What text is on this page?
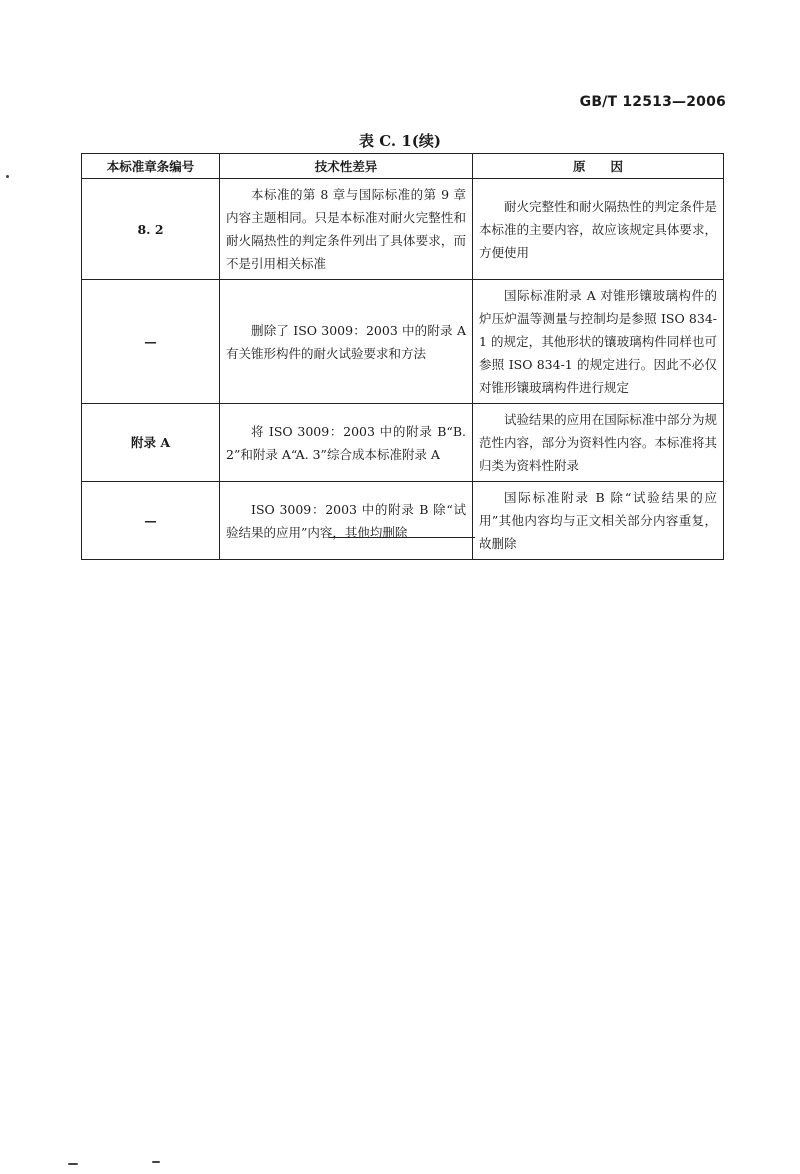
GB/T 12513—2006
表 C. 1(续)
本标准章条编号	技术性差异	原　　因
8. 2	本标准的第 8 章与国际标准的第 9 章内容主题相同。只是本标准对耐火完整性和耐火隔热性的判定条件列出了具体要求，而不是引用相关标准	耐火完整性和耐火隔热性的判定条件是本标准的主要内容，故应该规定具体要求，方便使用
—	删除了 ISO 3009：2003 中的附录 A 有关锥形构件的耐火试验要求和方法	国际标准附录 A 对锥形镶玻璃构件的炉压炉温等测量与控制均是参照 ISO 834-1 的规定，其他形状的镶玻璃构件同样也可参照 ISO 834-1 的规定进行。因此不必仅对锥形镶玻璃构件进行规定
附录 A	将 ISO 3009：2003 中的附录 B“B. 2”和附录 A“A. 3”综合成本标准附录 A	试验结果的应用在国际标准中部分为规范性内容，部分为资料性内容。本标准将其归类为资料性附录
—	ISO 3009：2003 中的附录 B 除“试验结果的应用”内容，其他均删除	国际标准附录 B 除“试验结果的应用”其他内容均与正文相关部分内容重复，故删除
